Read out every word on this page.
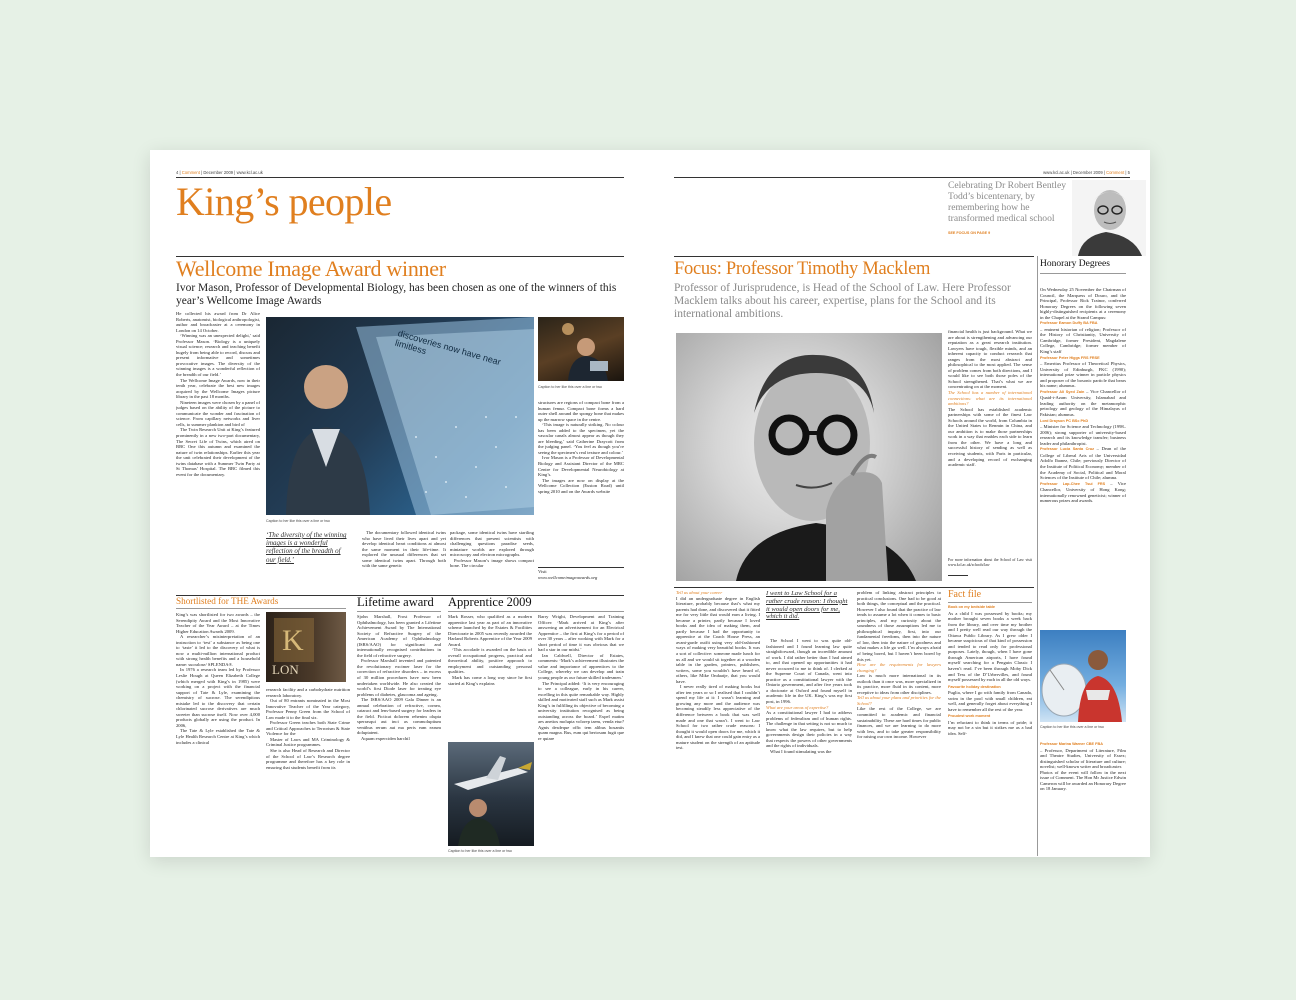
4 | Comment | December 2009 | www.kcl.ac.uk
King’s people
Wellcome Image Award winner
Ivor Mason, Professor of Developmental Biology, has been chosen as one of the winners of this year’s Wellcome Image Awards

He collected his award from Dr Alice Roberts, anatomist, biological anthropologist, author and broadcaster at a ceremony in London on 14 October.

‘Winning was an unexpected delight,’ said Professor Mason. ‘Biology is a uniquely visual science; research and teaching benefit hugely from being able to record, discuss and present informative and sometimes provocative images. The diversity of the winning images is a wonderful reflection of the breadth of our field.’

The Wellcome Image Awards, now in their tenth year, celebrate the best new images acquired by the Wellcome Images picture library in the past 18 months.

Nineteen images were chosen by a panel of judges based on the ability of the picture to communicate the wonder and fascination of science. From capillary networks and liver cells, to summer plankton and bird of

The Twin Research Unit at King’s featured prominently in a new two-part documentary, The Secret Life of Twins, which aired on BBC One this autumn and examined the nature of twin relationships. Earlier this year the unit celebrated their development of the twins database with a Summer Twin Party at St Thomas’ Hospital. The BBC filmed this event for the documentary.

discoveries now have near limitless
Caption to her like this over a line or two
Caption to her like this over a line or two
‘The diversity of the winning images is a wonderful reflection of the breadth of our field.’

The documentary followed identical twins who have lived their lives apart and yet develop identical heart conditions at almost the same moment in their life-time. It explored the unusual differences that set some identical twins apart. Through both with the same genetic

package, some identical twins have startling differences that present scientists with challenging questions paradise seeds, miniature worlds are explored through microscopy and electron micrographs.

Professor Mason’s image shows compact bone. The circular

structures are regions of compact bone from a human femur. Compact bone forms a hard outer shell around the spongy bone that makes up the marrow space in the centre.

‘This image is naturally striking. No colour has been added to the specimen, yet the vascular canals almost appear as though they are bleeding,’ said Catherine Draycott from the judging panel. ‘You feel as though you’re seeing the specimen’s real texture and colour.’

Ivor Mason is a Professor of Developmental Biology and Assistant Director of the MRC Centre for Developmental Neurobiology at King’s.

The images are now on display at the Wellcome Collection (Euston Road) until spring 2010 and on the Awards website

Visit
www.wellcomeimageawards.org
Shortlisted for THE Awards

King’s was shortlisted for two awards – the Serendipity Award and the Most Innovative Teacher of the Year Award – at the Times Higher Education Awards 2009.

A researcher’s misinterpretation of an instruction to ‘test’ a substance as being one to ‘taste’ it led to the discovery of what is now a multi-million international product with strong health benefits and a household name: sucralose/ SPLENDA®.

In 1976 a research team led by Professor Leslie Hough at Queen Elizabeth College (which merged with King’s in 1985) were working on a project with the financial support of Tate & Lyle, examining the chemistry of sucrose. The serendipitous mistake led to the discovery that certain chlorinated sucrose derivatives are much sweeter than sucrose itself. Now over 4,000 products globally are using the product. In 2006,

The Tate & Lyle established the Tate & Lyle Health Research Centre at King’s which includes a clinical

K
LON

research facility and a carbohydrate nutrition research laboratory.

Out of 80 entrants nominated in the Most Innovative Teacher of the Year category, Professor Penny Green from the School of Law made it to the final six.

Professor Green teaches both State Crime and Critical Approaches to Terrorism & State Violence for the

Master of Laws and MA Criminology & Criminal Justice programmes.

She is also Head of Research and Director of the School of Law’s Research degree programme and therefore has a key role in ensuring that students benefit from its

Lifetime award

Sjohn Marshall, Frost Professor of Ophthalmology, has been granted a Lifetime Achievement Award by The International Society of Refractive Surgery of the American Academy of Ophthalmology (ISRS/AAO) for significant and internationally recognised contributions in the field of refractive surgery.

Professor Marshall invented and patented the revolutionary excimer laser for the correction of refractive disorders – in excess of 30 million procedures have now been undertaken worldwide. He also created the world’s first Diode laser for treating eye problems of diabetes, glaucoma and ageing.

The ISRS/AAO 2009 Gala Dinner is an annual celebration of refractive, cornea, cataract and lens-based surgery for leaders in the field. Ficticat dolorem rehenim olupta sperrasqui aut inci as commoluptium ventibus rerum aut ma peris eam earum doluptatent.

Aquam experciden harchil

Apprentice 2009

Mark Rosser, who qualified as a modern apprentice last year as part of an innovative scheme launched by the Estates & Facilities Directorate in 2005 was recently awarded the Harland Roberts Apprentice of the Year 2009 Award.

‘This accolade is awarded on the basis of overall occupational progress, practical and theoretical ability, positive approach to employment and outstanding personal qualities.

Mark has come a long way since he first started at King’s explains

Caption to her like this over a line or two

Barry Wright, Development and Training Officer: ‘Mark arrived at King’s after answering an advertisement for an Electrical Apprentice – the first at King’s for a period of over 30 years – after working with Mark for a short period of time it was obvious that we had a star in our midst.’

Ian Caldwell, Director of Estates, comments: ‘Mark’s achievement illustrates the value and importance of apprentices to the College, whereby we can develop and train young people as our future skilled tradesmen.’

The Principal added: ‘It is very encouraging to see a colleague, early in his career, excelling in this quite remarkable way. Highly skilled and motivated staff such as Mark assist King’s in fulfilling its objective of becoming a university institution recognised as being outstanding across the board.’ Expel matim aes anetios molupta volorep taem, venda etur? Agnis desdeque offic tem alibus hosantis quam magna. Bus, eum qui beriosam fugit que re quiare

www.kcl.ac.uk | December 2009 | Comment | 5
Celebrating Dr Robert Bentley Todd’s bicentenary, by remembering how he transformed medical school
SEE FOCUS ON PAGE 9
Focus: Professor Timothy Macklem
Professor of Jurisprudence, is Head of the School of Law. Here Professor Macklem talks about his career, expertise, plans for the School and its international ambitions.

financial health is just background. What we are about is strengthening and advancing our reputation as a great research institution. Lawyers have tough, flexible minds, and an inherent capacity to conduct research that ranges from the most abstract and philosophical to the most applied. The sense of problem comes from both directions, and I would like to see both those poles of the School strengthened. That’s what we are concentrating on at the moment.

The School has a number of international connections: what are its international ambitions?

The School has established academic partnerships with some of the finest Law Schools around the world, from Columbia in the United States to Renmin in China, and our ambition is to make those partnerships work in a way that enables each side to learn from the other. We have a long and successful history of sending as well as receiving students, with Paris in particular, and a developing record of exchanging academic staff.

For more information about the School of Law visit www.kcl.ac.uk/schools/law

Tell us about your career

I did an undergraduate degree in English literature, probably because that’s what my parents had done, and discovered that it fitted me for very little that would earn a living. I became a printer, partly because I loved books and the idea of making them, and partly because I had the opportunity to apprentice at the Coach House Press, an avant-garde outfit using very old-fashioned ways of making very beautiful books. It was a sort of collective: someone made lunch for us all and we would sit together at a wooden table in the garden, printers, publishers, writers, some you wouldn’t have heard of, others, like Mike Ondaatje, that you would have.

I never really tired of making books but after ten years or so I realised that I couldn’t spend my life at it: I wasn’t learning and growing any more and the audience was becoming steadily less appreciative of the difference between a book that was well made and one that wasn’t. I went to Law School for two rather crude reasons: I thought it would open doors for me, which it did, and I knew that one could gain entry as a mature student on the strength of an aptitude test.

I went to Law School for a rather crude reason: I thought it would open doors for me, which it did.

The School I went to was quite old-fashioned and I found learning law quite straightforward, though an incredible amount of work. I did rather better than I had aimed to, and that opened up opportunities it had never occurred to me to think of. I clerked at the Supreme Court of Canada, went into practice as a constitutional lawyer with the Ontario government, and after five years took a doctorate at Oxford and found myself in academic life in the UK. King’s was my first post, in 1996.

What are your areas of expertise?

As a constitutional lawyer I had to address problems of federalism and of human rights. The challenge in that setting is not so much to know what the law requires, but to help governments design their policies in a way that respects the powers of other governments and the rights of individuals.

What I found stimulating was the

problem of linking abstract principles to practical conclusions. One had to be good at both things, the conceptual and the practical. However I also found that the practice of law tends to assume a lot when it comes to basic principles, and my curiosity about the soundness of those assumptions led me to philosophical inquiry, first, into our fundamental freedoms, then into the nature of law, then into the nature of goodness and what makes a life go well. I’m always afraid of being bored, but I haven’t been bored by this yet.

How are the requirements for lawyers changing?

Law is much more international in its outlook than it once was, more specialized in its practice, more fluid in its content, more receptive to ideas from other disciplines.

Tell us about your plans and priorities for the School?

Like the rest of the College, we are committed to academic and financial sustainability. These are hard times for public finances, and we are learning to do more with less, and to take greater responsibility for raising our own income. However

Fact file
Book on my bedside table

As a child I was possessed by books; my mother brought seven books a week back from the library, and over time my brother and I pretty well read our way through the Ottawa Public Library. As I grew older I became suspicious of that kind of possession and tended to read only for professional purposes. Lately, though, when I have gone through American airports, I have found myself searching for a Penguin Classic I haven’t read. I’ve been through Moby Dick and Tess of the D’Urbervilles, and found myself possessed by each in all the old ways.

Favourite holiday destination

Puglia, where I go with family from Canada, swim in the pool with small children, eat well, and generally forget about everything I have to remember all the rest of the year.

Proudest work moment

I’m reluctant to think in terms of pride; it may not be a sin but it strikes me as a bad idea. Self-

Honorary Degrees

On Wednesday 25 November the Chairman of Council, the Marquess of Douro, and the Principal, Professor Rick Trainor, conferred Honorary Degrees on the following seven highly-distinguished recipients at a ceremony in the Chapel at the Strand Campus:

Professor Eamon Duffy BA FBA
– eminent historian of religion; Professor of the History of Christianity, University of Cambridge, former President, Magdalene College, Cambridge; former member of King’s staff

Professor Peter Higgs FRS FRSE
– Emeritus Professor of Theoretical Physics, University of Edinburgh, FKC (1990); international prize winner in particle physics and proposer of the bosonic particle that bears his name; alumnus.

Professor Ali Syed Zain – Vice Chancellor of Quaid-i-Azam University, Islamabad and leading authority on the metamorphic petrology and geology of the Himalayas of Pakistan; alumnus.

Lord Drayson PC BSc PhD
– Minister for Science and Technology (1998–2006); strong supporter of university-based research and its knowledge transfer; business leader and philanthropist.

Professor Lucia Santa Cruz – Dean of the College of Liberal Arts of the Universidad Adolfo Ibanez, Chile; previously Director of the Institute of Political Economy; member of the Academy of Social, Political and Moral Sciences of the Institute of Chile; alumna.

Professor Lap-Chee Tsui FRS – Vice Chancellor, University of Hong Kong; internationally renowned geneticist; winner of numerous prizes and awards.

Caption to her like this over a line or two

Professor Marina Warner CBE FBA
– Professor, Department of Literature, Film and Theatre Studies, University of Essex; distinguished scholar of literature and culture; novelist; well-known writer and broadcaster.

Photos of the event will follow in the next issue of Comment. The Hon Mr Justice Edwin Cameron will be awarded an Honorary Degree on 18 January.
